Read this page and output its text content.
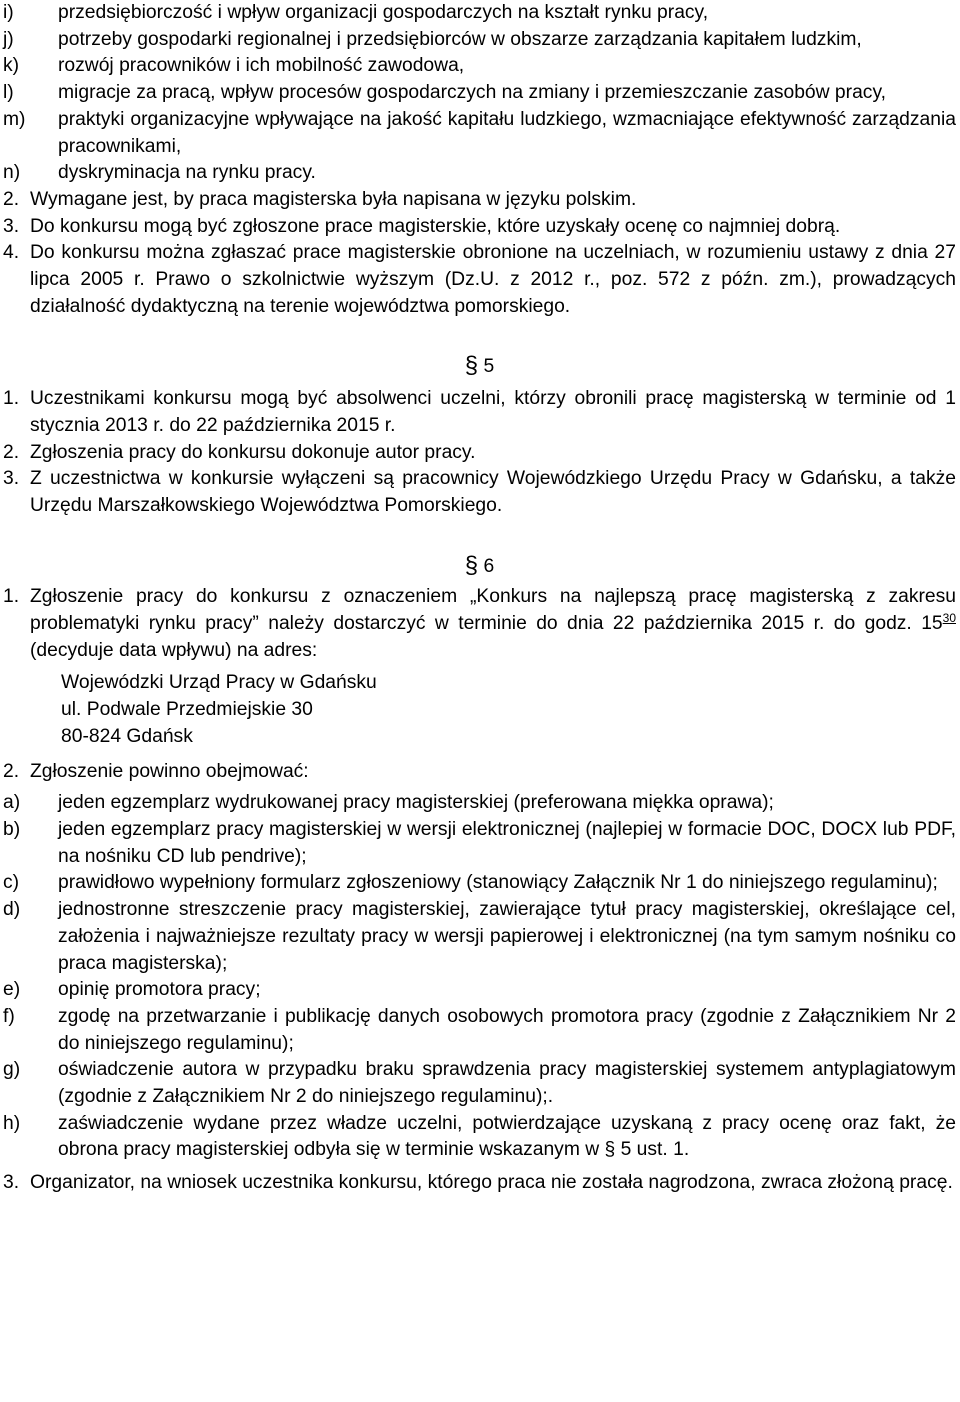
i)	przedsiębiorczość i wpływ organizacji gospodarczych na kształt rynku pracy,
j)	potrzeby gospodarki regionalnej i przedsiębiorców w obszarze zarządzania kapitałem ludzkim,
k)	rozwój pracowników i ich mobilność zawodowa,
l)	migracje za pracą, wpływ procesów gospodarczych na zmiany i przemieszczanie zasobów pracy,
m)	praktyki organizacyjne wpływające na jakość kapitału ludzkiego, wzmacniające efektywność zarządzania pracownikami,
n)	dyskryminacja na rynku pracy.
2. Wymagane jest, by praca magisterska była napisana w języku polskim.
3. Do konkursu mogą być zgłoszone prace magisterskie, które uzyskały ocenę co najmniej dobrą.
4. Do konkursu można zgłaszać prace magisterskie obronione na uczelniach, w rozumieniu ustawy z dnia 27 lipca 2005 r. Prawo o szkolnictwie wyższym (Dz.U. z 2012 r., poz. 572 z późn. zm.), prowadzących działalność dydaktyczną na terenie województwa pomorskiego.
§ 5
1. Uczestnikami konkursu mogą być absolwenci uczelni, którzy obronili pracę magisterską w terminie od 1 stycznia 2013 r. do 22 października 2015 r.
2. Zgłoszenia pracy do konkursu dokonuje autor pracy.
3. Z uczestnictwa w konkursie wyłączeni są pracownicy Wojewódzkiego Urzędu Pracy w Gdańsku, a także Urzędu Marszałkowskiego Województwa Pomorskiego.
§ 6
1. Zgłoszenie pracy do konkursu z oznaczeniem „Konkurs na najlepszą pracę magisterską z zakresu problematyki rynku pracy” należy dostarczyć w terminie do dnia 22 października 2015 r. do godz. $15^{30}$ (decyduje data wpływu) na adres:
Wojewódzki Urząd Pracy w Gdańsku
ul. Podwale Przedmiejskie 30
80-824 Gdańsk
2. Zgłoszenie powinno obejmować:
a)	jeden egzemplarz wydrukowanej pracy magisterskiej (preferowana miękka oprawa);
b)	jeden egzemplarz pracy magisterskiej w wersji elektronicznej (najlepiej w formacie DOC, DOCX lub PDF, na nośniku CD lub pendrive);
c)	prawidłowo wypełniony formularz zgłoszeniowy (stanowiący Załącznik Nr 1 do niniejszego regulaminu);
d)	jednostronne streszczenie pracy magisterskiej, zawierające tytuł pracy magisterskiej, określające cel, założenia i najważniejsze rezultaty pracy w wersji papierowej i elektronicznej (na tym samym nośniku co praca magisterska);
e)	opinię promotora pracy;
f)	zgodę na przetwarzanie i publikację danych osobowych promotora pracy (zgodnie z Załącznikiem Nr 2 do niniejszego regulaminu);
g)	oświadczenie autora w przypadku braku sprawdzenia pracy magisterskiej systemem antyplagiatowym (zgodnie z Załącznikiem Nr 2 do niniejszego regulaminu);.
h)	zaświadczenie wydane przez władze uczelni, potwierdzające uzyskaną z pracy ocenę oraz fakt, że obrona pracy magisterskiej odbyła się w terminie wskazanym w § 5 ust. 1.
3. Organizator, na wniosek uczestnika konkursu, którego praca nie została nagrodzona, zwraca złożoną pracę.
